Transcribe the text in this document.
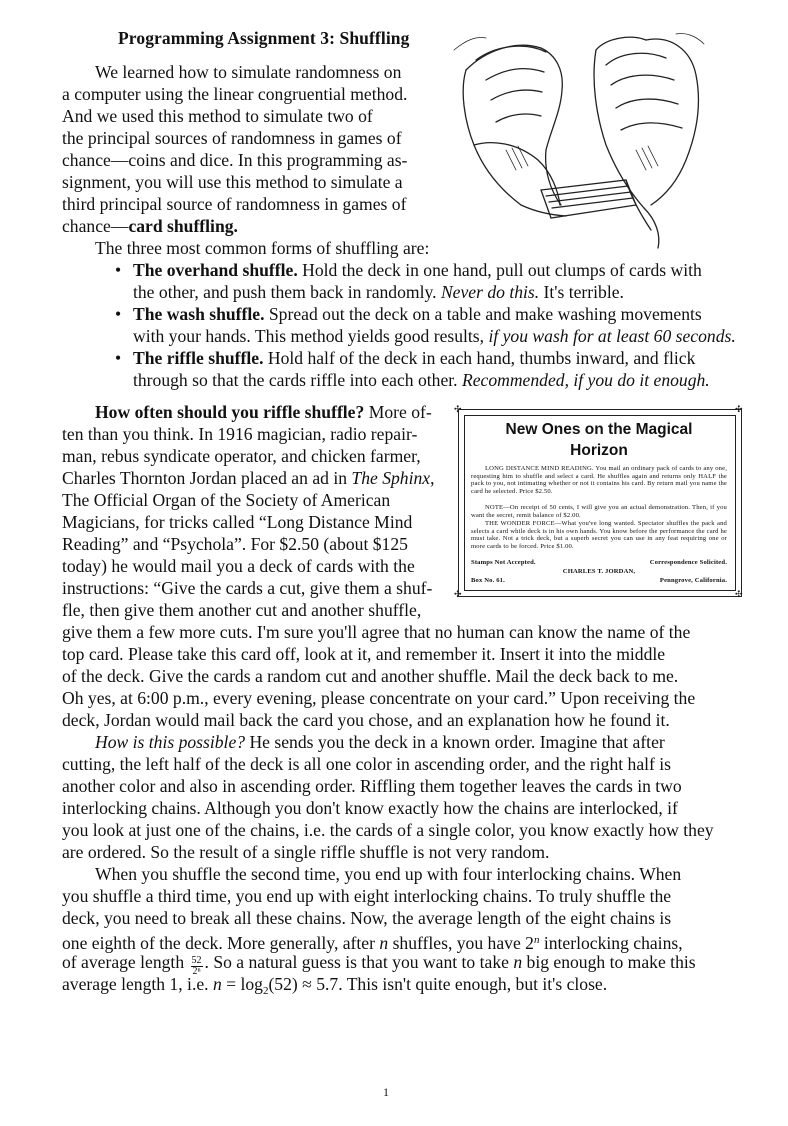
Programming Assignment 3: Shuffling
We learned how to simulate randomness on
a computer using the linear congruential method.
And we used this method to simulate two of
the principal sources of randomness in games of
chance—coins and dice. In this programming as-
signment, you will use this method to simulate a
third principal source of randomness in games of
chance—card shuffling.
The three most common forms of shuffling are:
• The overhand shuffle. Hold the deck in one hand, pull out clumps of cards with
the other, and push them back in randomly. Never do this. It's terrible.
• The wash shuffle. Spread out the deck on a table and make washing movements
with your hands. This method yields good results, if you wash for at least 60 seconds.
• The riffle shuffle. Hold half of the deck in each hand, thumbs inward, and flick
through so that the cards riffle into each other. Recommended, if you do it enough.
How often should you riffle shuffle? More of-
ten than you think. In 1916 magician, radio repair-
man, rebus syndicate operator, and chicken farmer,
Charles Thornton Jordan placed an ad in The Sphinx,
The Official Organ of the Society of American
Magicians, for tricks called “Long Distance Mind
Reading” and “Psychola”. For $2.50 (about $125
today) he would mail you a deck of cards with the
instructions: “Give the cards a cut, give them a shuf-
fle, then give them another cut and another shuffle,
give them a few more cuts. I'm sure you'll agree that no human can know the name of the
top card. Please take this card off, look at it, and remember it. Insert it into the middle
of the deck. Give the cards a random cut and another shuffle. Mail the deck back to me.
Oh yes, at 6:00 p.m., every evening, please concentrate on your card.” Upon receiving the
deck, Jordan would mail back the card you chose, and an explanation how he found it.
✣	✣
✣	✣
New Ones on the Magical
Horizon
LONG DISTANCE MIND READING. You mail an ordinary pack of cards to any one, requesting him to shuffle and select a card. He shuffles again and returns only HALF the pack to you, not intimating whether or not it contains his card. By return mail you name the card he selected. Price $2.50.
NOTE—On receipt of 50 cents, I will give you an actual demonstration. Then, if you want the secret, remit balance of $2.00.
THE WONDER FORCE—What you've long wanted. Spectator shuffles the pack and selects a card while deck is in his own hands. You know before the performance the card he must take. Not a trick deck, but a superb secret you can use in any feat requiring one or more cards to be forced. Price $1.00.
Stamps Not Accepted.	Correspondence Solicited.
CHARLES T. JORDAN,
Box No. 61.	Penngrove, California.
How is this possible? He sends you the deck in a known order. Imagine that after
cutting, the left half of the deck is all one color in ascending order, and the right half is
another color and also in ascending order. Riffling them together leaves the cards in two
interlocking chains. Although you don't know exactly how the chains are interlocked, if
you look at just one of the chains, i.e. the cards of a single color, you know exactly how they
are ordered. So the result of a single riffle shuffle is not very random.
When you shuffle the second time, you end up with four interlocking chains. When
you shuffle a third time, you end up with eight interlocking chains. To truly shuffle the
deck, you need to break all these chains. Now, the average length of the eight chains is
one eighth of the deck. More generally, after n shuffles, you have 2$^n$ interlocking chains,
of average length $\frac{52}{\text{2ⁿ}}$ . So a natural guess is that you want to take n big enough to make this
average length 1, i.e. $n = \log_2(52) \approx 5.7$. This isn't quite enough, but it's close.
1
